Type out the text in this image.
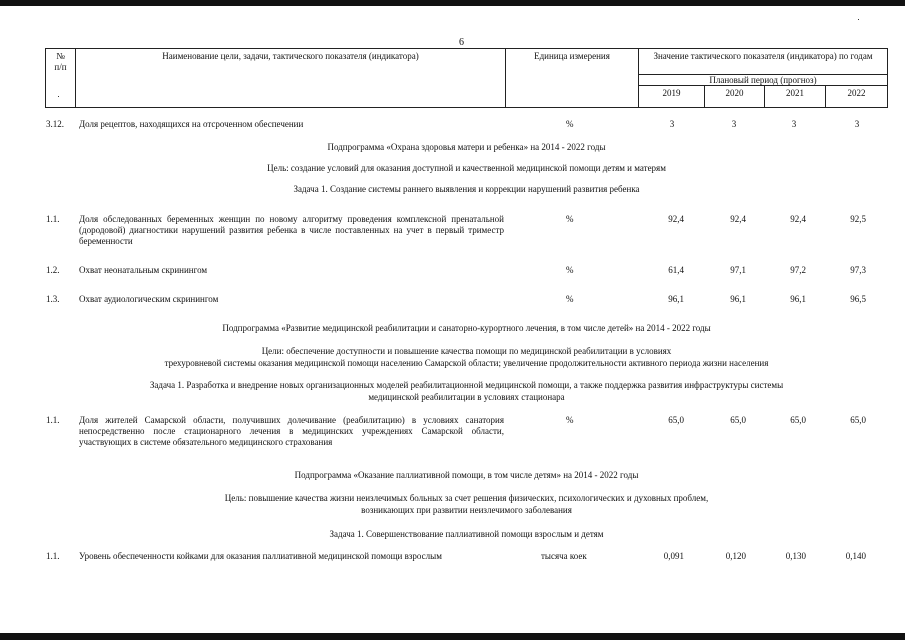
6
№
п/п
Наименование цели, задачи, тактического показателя (индикатора)	Единица измерения	Значение тактического показателя (индикатора) по годам
Плановый период (прогноз)
2019	2020	2021	2022
3.12. Доля рецептов, находящихся на отсроченном обеспечении	%	3	3	3	3
Подпрограмма «Охрана здоровья матери и ребенка» на 2014 - 2022 годы
Цель: создание условий для оказания доступной и качественной медицинской помощи детям и матерям
Задача 1. Создание системы раннего выявления и коррекции нарушений развития ребенка
1.1. Доля обследованных беременных женщин по новому алгоритму проведения комплексной пренатальной (дородовой) диагностики нарушений развития ребенка в числе поставленных на учет в первый триместр беременности
%	92,4	92,4	92,4	92,5
1.2. Охват неонатальным скринингом	%	61,4	97,1	97,2	97,3
1.3. Охват аудиологическим скринингом	%	96,1	96,1	96,1	96,5
Подпрограмма «Развитие медицинской реабилитации и санаторно-курортного лечения, в том числе детей» на 2014 - 2022 годы
Цели: обеспечение доступности и повышение качества помощи по медицинской реабилитации в условиях
трехуровневой системы оказания медицинской помощи населению Самарской области; увеличение продолжительности активного периода жизни населения
Задача 1. Разработка и внедрение новых организационных моделей реабилитационной медицинской помощи, а также поддержка развития инфраструктуры системы
медицинской реабилитации в условиях стационара
1.1. Доля жителей Самарской области, получивших долечивание (реабилитацию) в условиях санатория непосредственно после стационарного лечения в медицинских учреждениях Самарской области, участвующих в системе обязательного медицинского страхования
%	65,0	65,0	65,0	65,0
Подпрограмма «Оказание паллиативной помощи, в том числе детям» на 2014 - 2022 годы
Цель: повышение качества жизни неизлечимых больных за счет решения физических, психологических и духовных проблем,
возникающих при развитии неизлечимого заболевания
Задача 1. Совершенствование паллиативной помощи взрослым и детям
1.1. Уровень обеспеченности койками для оказания паллиативной медицинской помощи взрослым	тысяча коек	0,091	0,120	0,130	0,140
